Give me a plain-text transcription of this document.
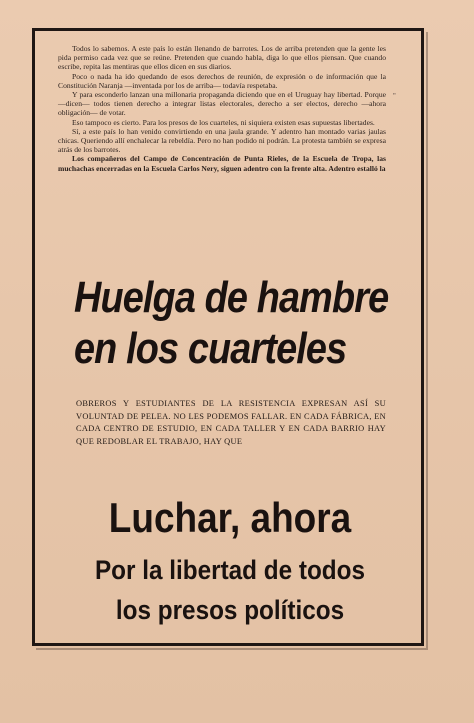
Todos lo sabemos. A este país lo están llenando de barrotes. Los de arriba pretenden que la gente les pida permiso cada vez que se reúne. Pretenden que cuando habla, diga lo que ellos piensan. Que cuando escribe, repita las mentiras que ellos dicen en sus diarios.

Poco o nada ha ido quedando de esos derechos de reunión, de expresión o de información que la Constitución Naranja —inventada por los de arriba— todavía respetaba.

Y para esconderlo lanzan una millonaria propaganda diciendo que en el Uruguay hay libertad. Porque —dicen— todos tienen derecho a integrar listas electorales, derecho a ser electos, derecho —ahora obligación— de votar.

Eso tampoco es cierto. Para los presos de los cuarteles, ni siquiera existen esas supuestas libertades.

Sí, a este país lo han venido convirtiendo en una jaula grande. Y adentro han montado varias jaulas chicas. Queriendo allí enchalecar la rebeldía. Pero no han podido ni podrán. La protesta también se expresa atrás de los barrotes.

Los compañeros del Campo de Concentración de Punta Rieles, de la Escuela de Tropa, las muchachas encerradas en la Escuela Carlos Nery, siguen adentro con la frente alta. Adentro estalló la

”
Huelga de hambre
en los cuarteles
OBREROS Y ESTUDIANTES DE LA RESISTENCIA EXPRESAN ASÍ SU VOLUNTAD DE PELEA. NO LES PODEMOS FALLAR. EN CADA FÁBRICA, EN CADA CENTRO DE ESTUDIO, EN CADA TALLER Y EN CADA BARRIO HAY QUE REDOBLAR EL TRABAJO, HAY QUE
Luchar, ahora
Por la libertad de todos
los presos políticos
